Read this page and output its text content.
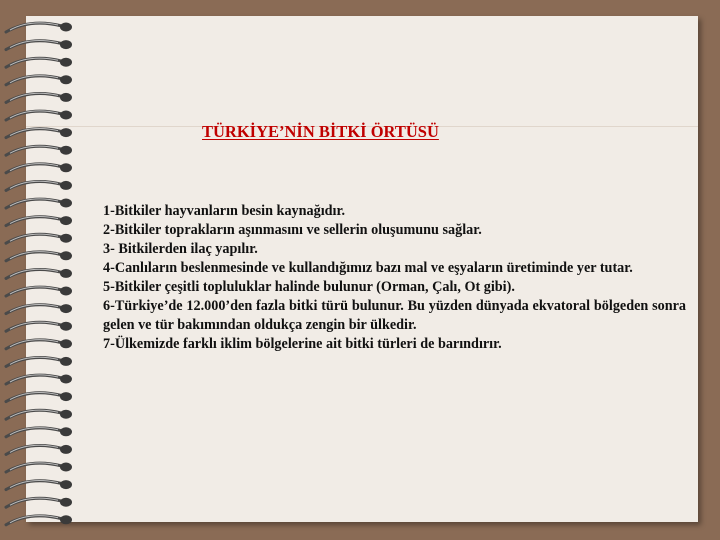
TÜRKİYE’NİN BİTKİ ÖRTÜSÜ
1-Bitkiler hayvanların besin kaynağıdır.
2-Bitkiler toprakların aşınmasını ve sellerin oluşumunu sağlar.
3- Bitkilerden ilaç yapılır.
4-Canlıların beslenmesinde ve kullandığımız bazı mal ve eşyaların üretiminde yer tutar.
5-Bitkiler çeşitli topluluklar halinde bulunur (Orman, Çalı, Ot gibi).
6-Türkiye’de 12.000’den fazla bitki türü bulunur. Bu yüzden dünyada ekvatoral bölgeden sonra gelen ve tür bakımından oldukça zengin bir ülkedir.
7-Ülkemizde farklı iklim bölgelerine ait bitki türleri de barındırır.
